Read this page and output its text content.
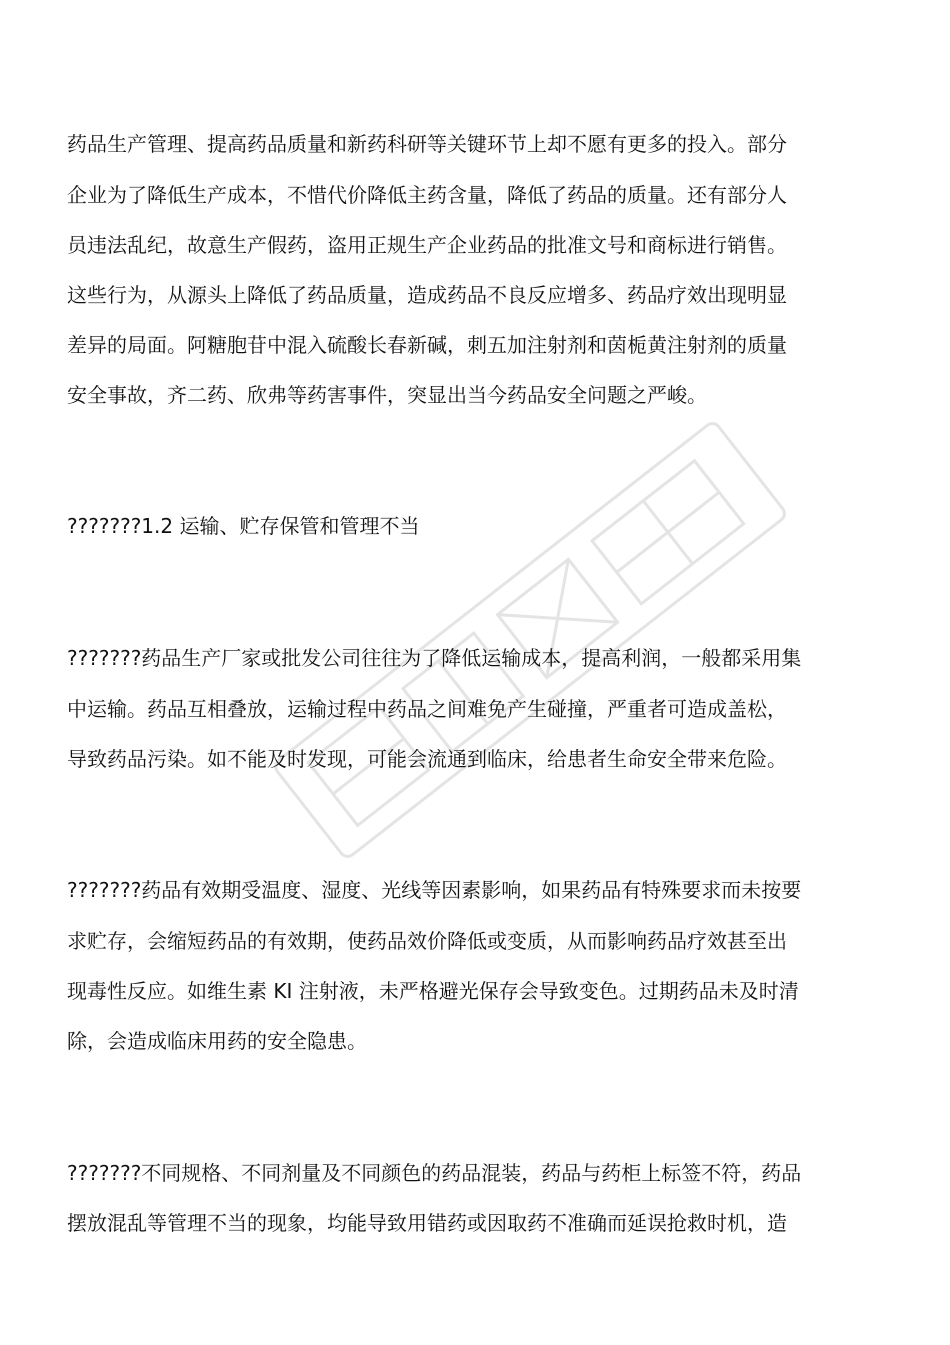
药品生产管理、提高药品质量和新药科研等关键环节上却不愿有更多的投入。部分
企业为了降低生产成本，不惜代价降低主药含量，降低了药品的质量。还有部分人
员违法乱纪，故意生产假药，盗用正规生产企业药品的批准文号和商标进行销售。
这些行为，从源头上降低了药品质量，造成药品不良反应增多、药品疗效出现明显
差异的局面。阿糖胞苷中混入硫酸长春新碱，刺五加注射剂和茵栀黄注射剂的质量
安全事故，齐二药、欣弗等药害事件，突显出当今药品安全问题之严峻。
???????1.2 运输、贮存保管和管理不当
???????药品生产厂家或批发公司往往为了降低运输成本，提高利润，一般都采用集
中运输。药品互相叠放，运输过程中药品之间难免产生碰撞，严重者可造成盖松，
导致药品污染。如不能及时发现，可能会流通到临床，给患者生命安全带来危险。
???????药品有效期受温度、湿度、光线等因素影响，如果药品有特殊要求而未按要
求贮存，会缩短药品的有效期，使药品效价降低或变质，从而影响药品疗效甚至出
现毒性反应。如维生素 KI 注射液，未严格避光保存会导致变色。过期药品未及时清
除，会造成临床用药的安全隐患。
???????不同规格、不同剂量及不同颜色的药品混装，药品与药柜上标签不符，药品
摆放混乱等管理不当的现象，均能导致用错药或因取药不准确而延误抢救时机，造
